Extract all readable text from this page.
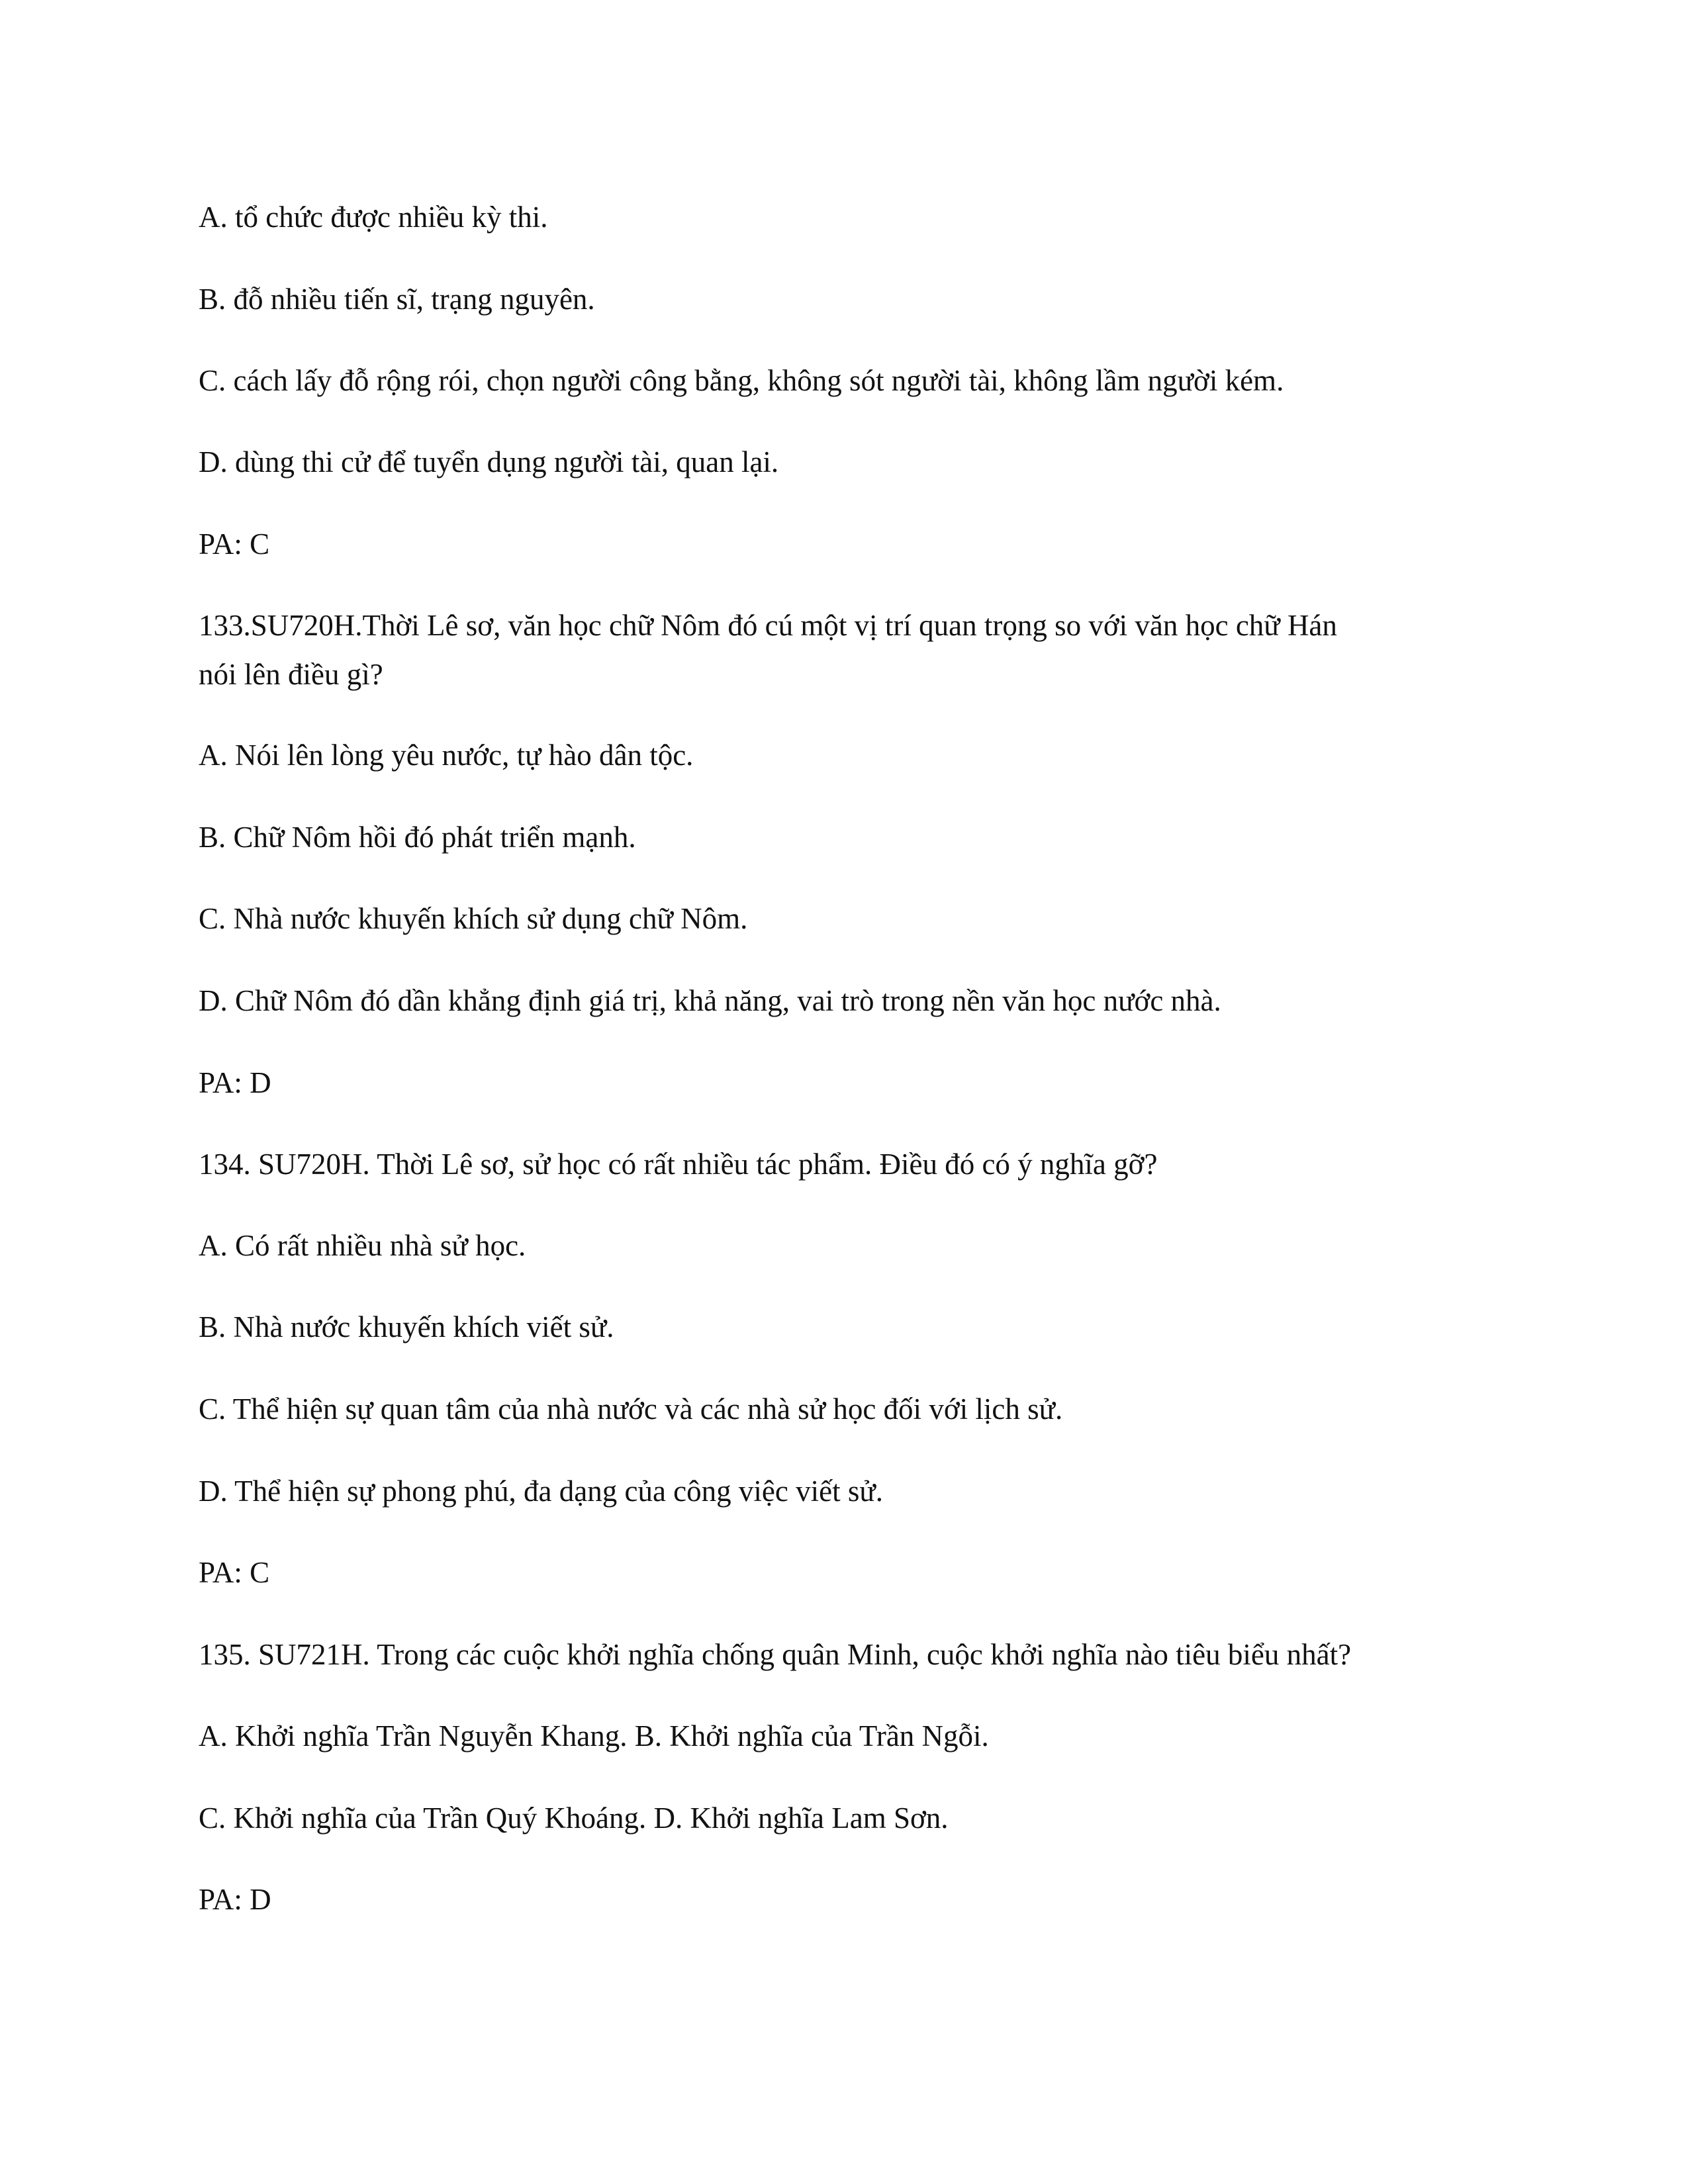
A. tổ chức được nhiều kỳ thi.
B. đỗ nhiều tiến sĩ, trạng nguyên.
C. cách lấy đỗ rộng rói, chọn người công bằng, không sót người tài, không lầm người kém.
D. dùng thi cử để tuyển dụng người tài, quan lại.
PA: C
133.SU720H.Thời Lê sơ, văn học chữ Nôm đó cú một vị trí quan trọng so với văn học chữ Hán
nói lên điều gì?
A. Nói lên lòng yêu nước, tự hào dân tộc.
B. Chữ Nôm hồi đó phát triển mạnh.
C. Nhà nước khuyến khích sử dụng chữ Nôm.
D. Chữ Nôm đó dần khẳng định giá trị, khả năng, vai trò trong nền văn học nước nhà.
PA: D
134. SU720H. Thời Lê sơ, sử học có rất nhiều tác phẩm. Điều đó có ý nghĩa gỡ?
A. Có rất nhiều nhà sử học.
B. Nhà nước khuyến khích viết sử.
C. Thể hiện sự quan tâm của nhà nước và các nhà sử học đối với lịch sử.
D. Thể hiện sự phong phú, đa dạng của công việc viết sử.
PA: C
135. SU721H. Trong các cuộc khởi nghĩa chống quân Minh, cuộc khởi nghĩa nào tiêu biểu nhất?
A. Khởi nghĩa Trần Nguyễn Khang. B. Khởi nghĩa của Trần Ngỗi.
C. Khởi nghĩa của Trần Quý Khoáng. D. Khởi nghĩa Lam Sơn.
PA: D
